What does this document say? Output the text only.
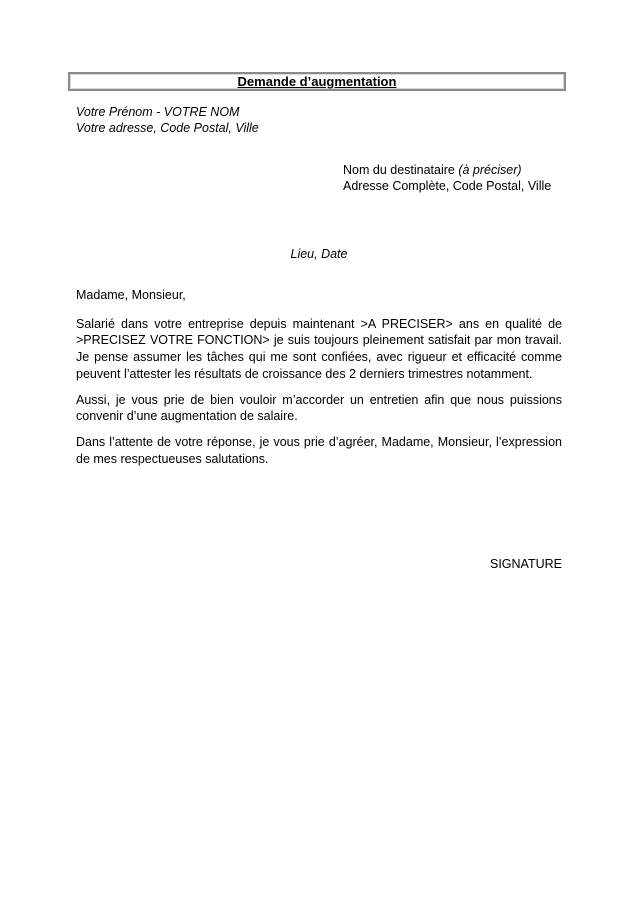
Demande d’augmentation
Votre Prénom - VOTRE NOM
Votre adresse, Code Postal, Ville
Nom du destinataire (à préciser)
Adresse Complète, Code Postal, Ville
Lieu, Date

Madame, Monsieur,

Salarié dans votre entreprise depuis maintenant >A PRECISER> ans en qualité de >PRECISEZ VOTRE FONCTION> je suis toujours pleinement satisfait par mon travail. Je pense assumer les tâches qui me sont confiées, avec rigueur et efficacité comme peuvent l’attester les résultats de croissance des 2 derniers trimestres notamment.

Aussi, je vous prie de bien vouloir m’accorder un entretien afin que nous puissions convenir d’une augmentation de salaire.

Dans l’attente de votre réponse, je vous prie d’agréer, Madame, Monsieur, l’expression de mes respectueuses salutations.

SIGNATURE
